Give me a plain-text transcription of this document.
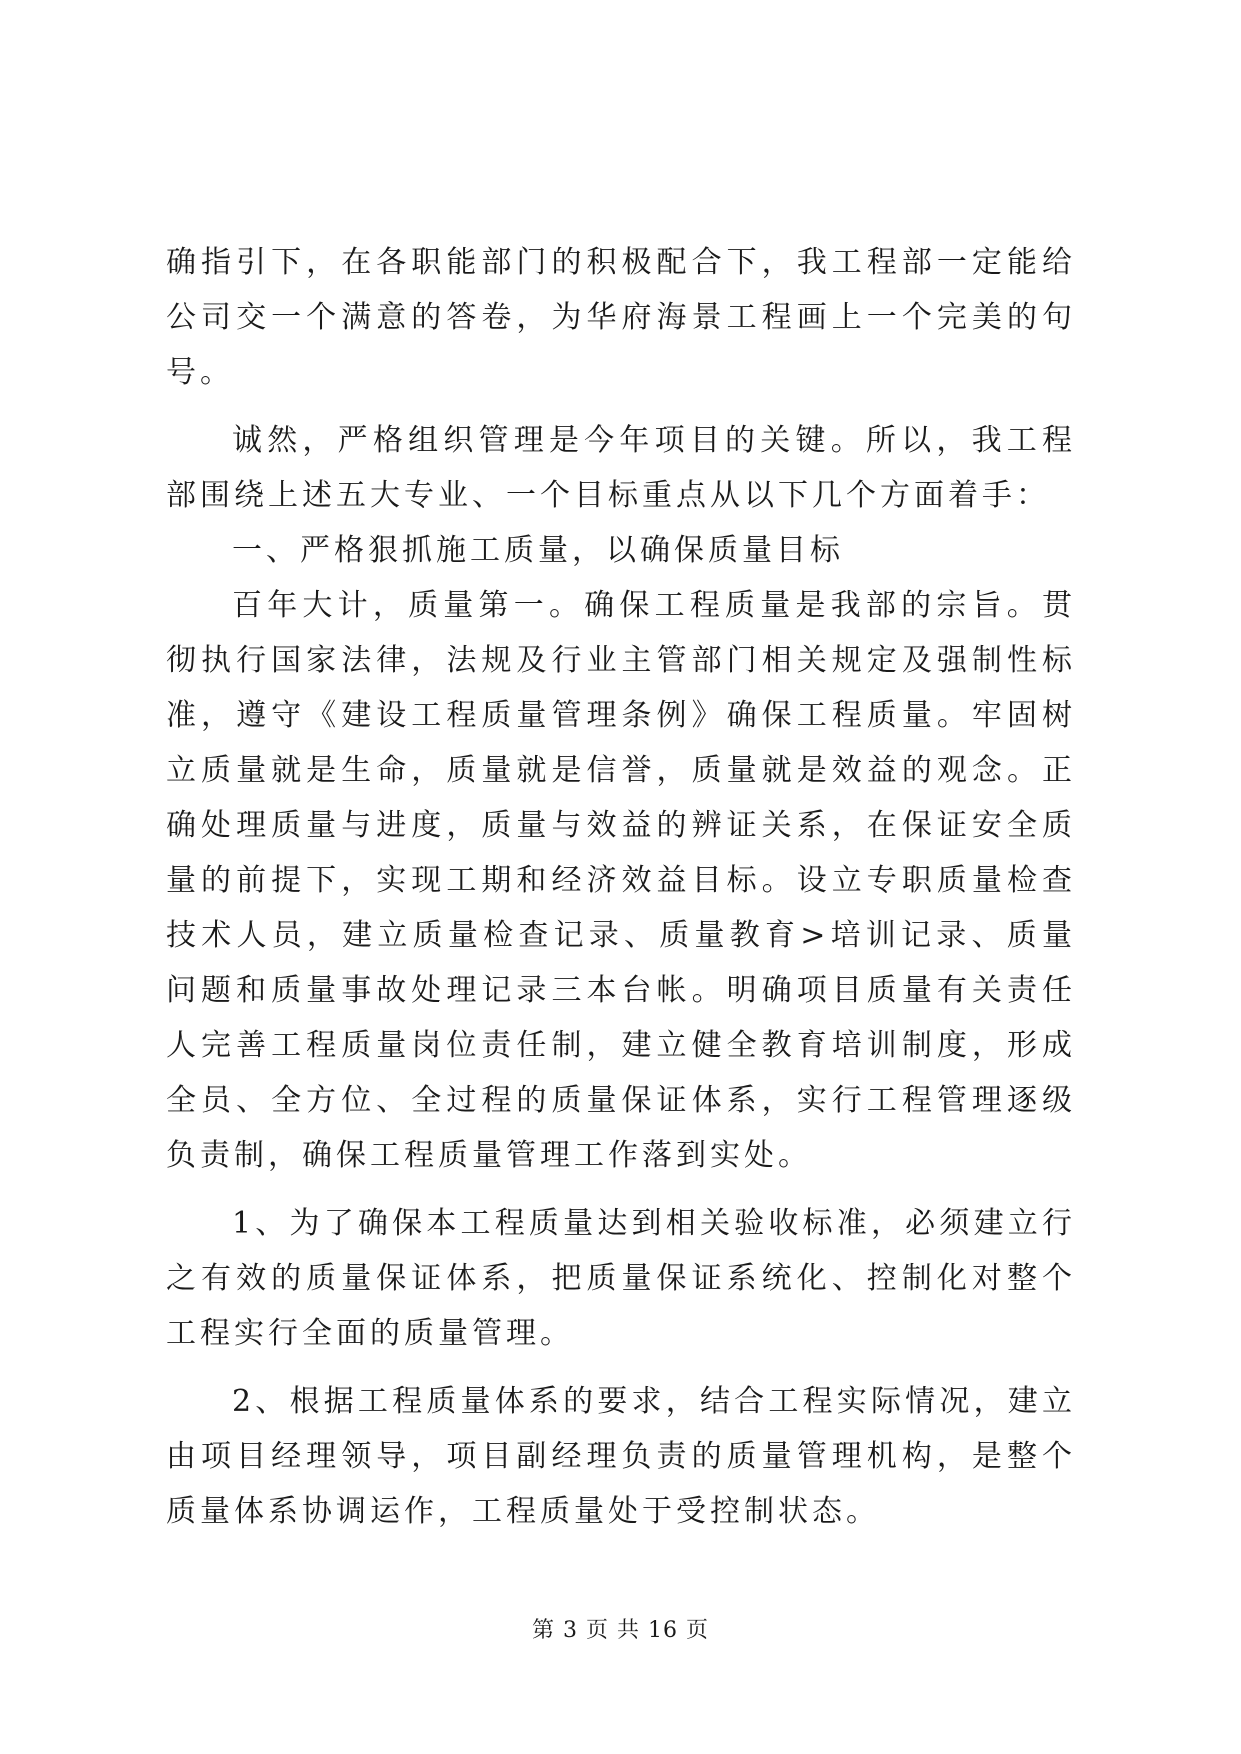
确指引下，在各职能部门的积极配合下，我工程部一定能给公司交一个满意的答卷，为华府海景工程画上一个完美的句号。

诚然，严格组织管理是今年项目的关键。所以，我工程部围绕上述五大专业、一个目标重点从以下几个方面着手：

一、严格狠抓施工质量，以确保质量目标

百年大计，质量第一。确保工程质量是我部的宗旨。贯彻执行国家法律，法规及行业主管部门相关规定及强制性标准，遵守《建设工程质量管理条例》确保工程质量。牢固树立质量就是生命，质量就是信誉，质量就是效益的观念。正确处理质量与进度，质量与效益的辨证关系，在保证安全质量的前提下，实现工期和经济效益目标。设立专职质量检查技术人员，建立质量检查记录、质量教育>培训记录、质量问题和质量事故处理记录三本台帐。明确项目质量有关责任人完善工程质量岗位责任制，建立健全教育培训制度，形成全员、全方位、全过程的质量保证体系，实行工程管理逐级负责制，确保工程质量管理工作落到实处。

1、为了确保本工程质量达到相关验收标准，必须建立行之有效的质量保证体系，把质量保证系统化、控制化对整个工程实行全面的质量管理。

2、根据工程质量体系的要求，结合工程实际情况，建立由项目经理领导，项目副经理负责的质量管理机构，是整个质量体系协调运作，工程质量处于受控制状态。

第 3 页 共 16 页
